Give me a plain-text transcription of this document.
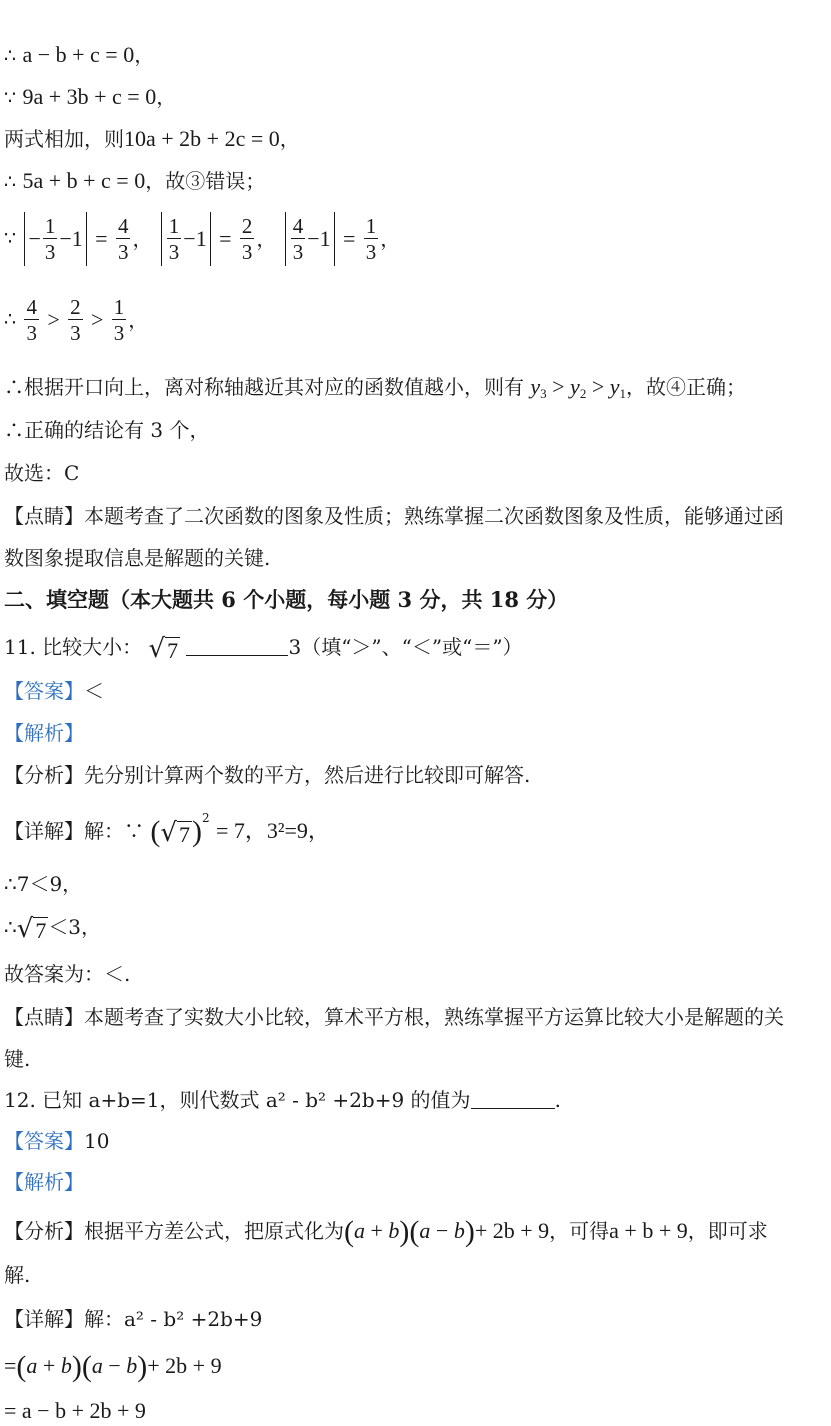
∴ a − b + c = 0，
∵ 9a + 3b + c = 0，
两式相加，则10a + 2b + 2c = 0，
∴ 5a + b + c = 0，故③错误；
∵ − $\frac{1}{3} -1 = \frac{4}{3}$ ， $\frac{1}{3} -1 = \frac{2}{3}$ ， $\frac{4}{3} -1 = \frac{1}{3}$ ，
∴ $\frac{4}{3} > \frac{2}{3} > \frac{1}{3}$ ，
∴根据开口向上，离对称轴越近其对应的函数值越小，则有 $y_3 > y_2 > y_1$，故④正确；
∴正确的结论有 3 个，
故选：C
【点睛】本题考查了二次函数的图象及性质；熟练掌握二次函数图象及性质，能够通过函
数图象提取信息是解题的关键.
二、填空题（本大题共 6 个小题，每小题 3 分，共 18 分）
11. 比较大小： √ 7	3（填“＞”、“＜”或“＝”）
【答案】＜
【解析】
【分析】先分别计算两个数的平方，然后进行比较即可解答.
【详解】解：∵ ( √ 7 )$^2$ = 7，3²=9，
∴7＜9，
∴ √ 7 ＜3，
故答案为：＜.
【点睛】本题考查了实数大小比较，算术平方根，熟练掌握平方运算比较大小是解题的关
键.
12. 已知 a+b=1，则代数式 a² ‐ b² +2b+9 的值为	.
【答案】10
【解析】
【分析】根据平方差公式，把原式化为(a + b)(a − b)+ 2b + 9，可得a + b + 9，即可求
解.
【详解】解：a² ‐ b² +2b+9
=(a + b)(a − b)+ 2b + 9
= a − b + 2b + 9
